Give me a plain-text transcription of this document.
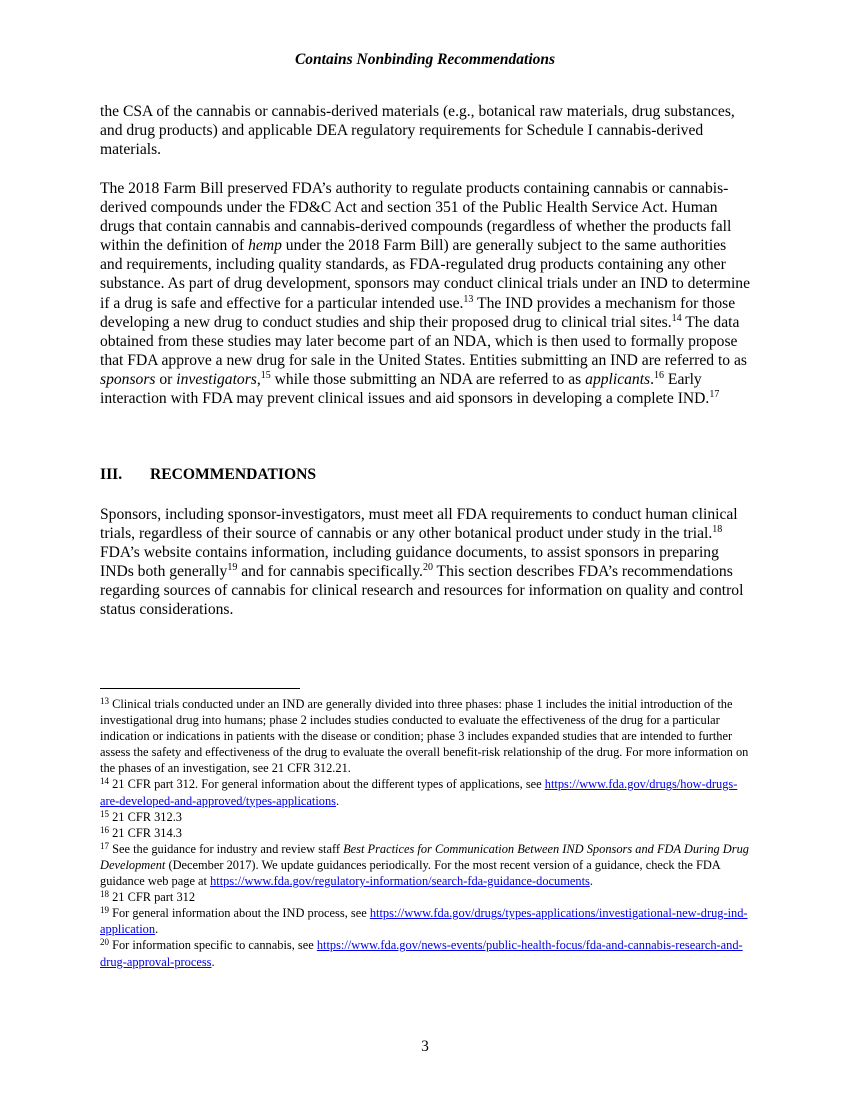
Contains Nonbinding Recommendations

the CSA of the cannabis or cannabis-derived materials (e.g., botanical raw materials, drug substances, and drug products) and applicable DEA regulatory requirements for Schedule I cannabis-derived materials.

The 2018 Farm Bill preserved FDA’s authority to regulate products containing cannabis or cannabis-derived compounds under the FD&C Act and section 351 of the Public Health Service Act. Human drugs that contain cannabis and cannabis-derived compounds (regardless of whether the products fall within the definition of hemp under the 2018 Farm Bill) are generally subject to the same authorities and requirements, including quality standards, as FDA-regulated drug products containing any other substance. As part of drug development, sponsors may conduct clinical trials under an IND to determine if a drug is safe and effective for a particular intended use.$^{13}$ The IND provides a mechanism for those developing a new drug to conduct studies and ship their proposed drug to clinical trial sites.$^{14}$ The data obtained from these studies may later become part of an NDA, which is then used to formally propose that FDA approve a new drug for sale in the United States. Entities submitting an IND are referred to as sponsors or investigators,$^{15}$ while those submitting an NDA are referred to as applicants.$^{16}$ Early interaction with FDA may prevent clinical issues and aid sponsors in developing a complete IND.$^{17}$

III. RECOMMENDATIONS

Sponsors, including sponsor-investigators, must meet all FDA requirements to conduct human clinical trials, regardless of their source of cannabis or any other botanical product under study in the trial.$^{18}$ FDA’s website contains information, including guidance documents, to assist sponsors in preparing INDs both generally$^{19}$ and for cannabis specifically.$^{20}$ This section describes FDA’s recommendations regarding sources of cannabis for clinical research and resources for information on quality and control status considerations.

$^{13}$ Clinical trials conducted under an IND are generally divided into three phases: phase 1 includes the initial introduction of the investigational drug into humans; phase 2 includes studies conducted to evaluate the effectiveness of the drug for a particular indication or indications in patients with the disease or condition; phase 3 includes expanded studies that are intended to further assess the safety and effectiveness of the drug to evaluate the overall benefit-risk relationship of the drug. For more information on the phases of an investigation, see 21 CFR 312.21.

$^{14}$ 21 CFR part 312. For general information about the different types of applications, see https://www.fda.gov/drugs/how-drugs-are-developed-and-approved/types-applications.

$^{15}$ 21 CFR 312.3

$^{16}$ 21 CFR 314.3

$^{17}$ See the guidance for industry and review staff Best Practices for Communication Between IND Sponsors and FDA During Drug Development (December 2017). We update guidances periodically. For the most recent version of a guidance, check the FDA guidance web page at https://www.fda.gov/regulatory-information/search-fda-guidance-documents.

$^{18}$ 21 CFR part 312

$^{19}$ For general information about the IND process, see https://www.fda.gov/drugs/types-applications/investigational-new-drug-ind-application.

$^{20}$ For information specific to cannabis, see https://www.fda.gov/news-events/public-health-focus/fda-and-cannabis-research-and-drug-approval-process.

3
